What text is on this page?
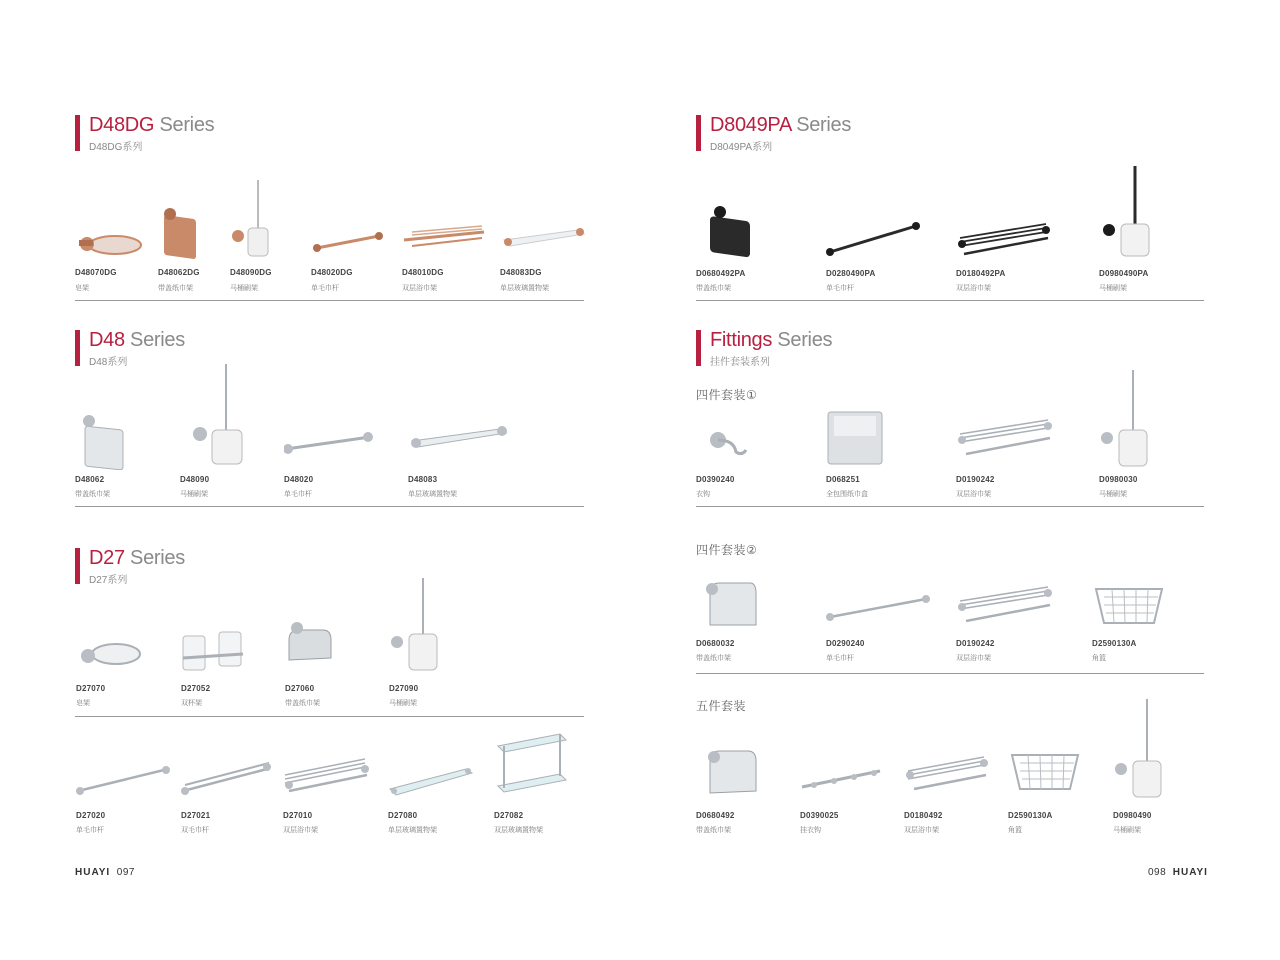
D48DG Series
D48DG系列
D48070DG
皂架
D48062DG
带盖纸巾架
D48090DG
马桶刷架
D48020DG
单毛巾杆
D48010DG
双层浴巾架
D48083DG
单层玻璃置物架
D48 Series
D48系列
D48062
带盖纸巾架
D48090
马桶刷架
D48020
单毛巾杆
D48083
单层玻璃置物架
D27 Series
D27系列
D27070
皂架
D27052
双杯架
D27060
带盖纸巾架
D27090
马桶刷架
D27020
单毛巾杆
D27021
双毛巾杆
D27010
双层浴巾架
D27080
单层玻璃置物架
D27082
双层玻璃置物架
HUAYI 097
D8049PA Series
D8049PA系列
D0680492PA
带盖纸巾架
D0280490PA
单毛巾杆
D0180492PA
双层浴巾架
D0980490PA
马桶刷架
Fittings Series
挂件套装系列
四件套装①
D0390240
衣钩
D068251
全包围纸巾盒
D0190242
双层浴巾架
D0980030
马桶刷架
四件套装②
D0680032
带盖纸巾架
D0290240
单毛巾杆
D0190242
双层浴巾架
D2590130A
角篮
五件套装
D0680492
带盖纸巾架
D0390025
挂衣钩
D0180492
双层浴巾架
D2590130A
角篮
D0980490
马桶刷架
098 HUAYI
